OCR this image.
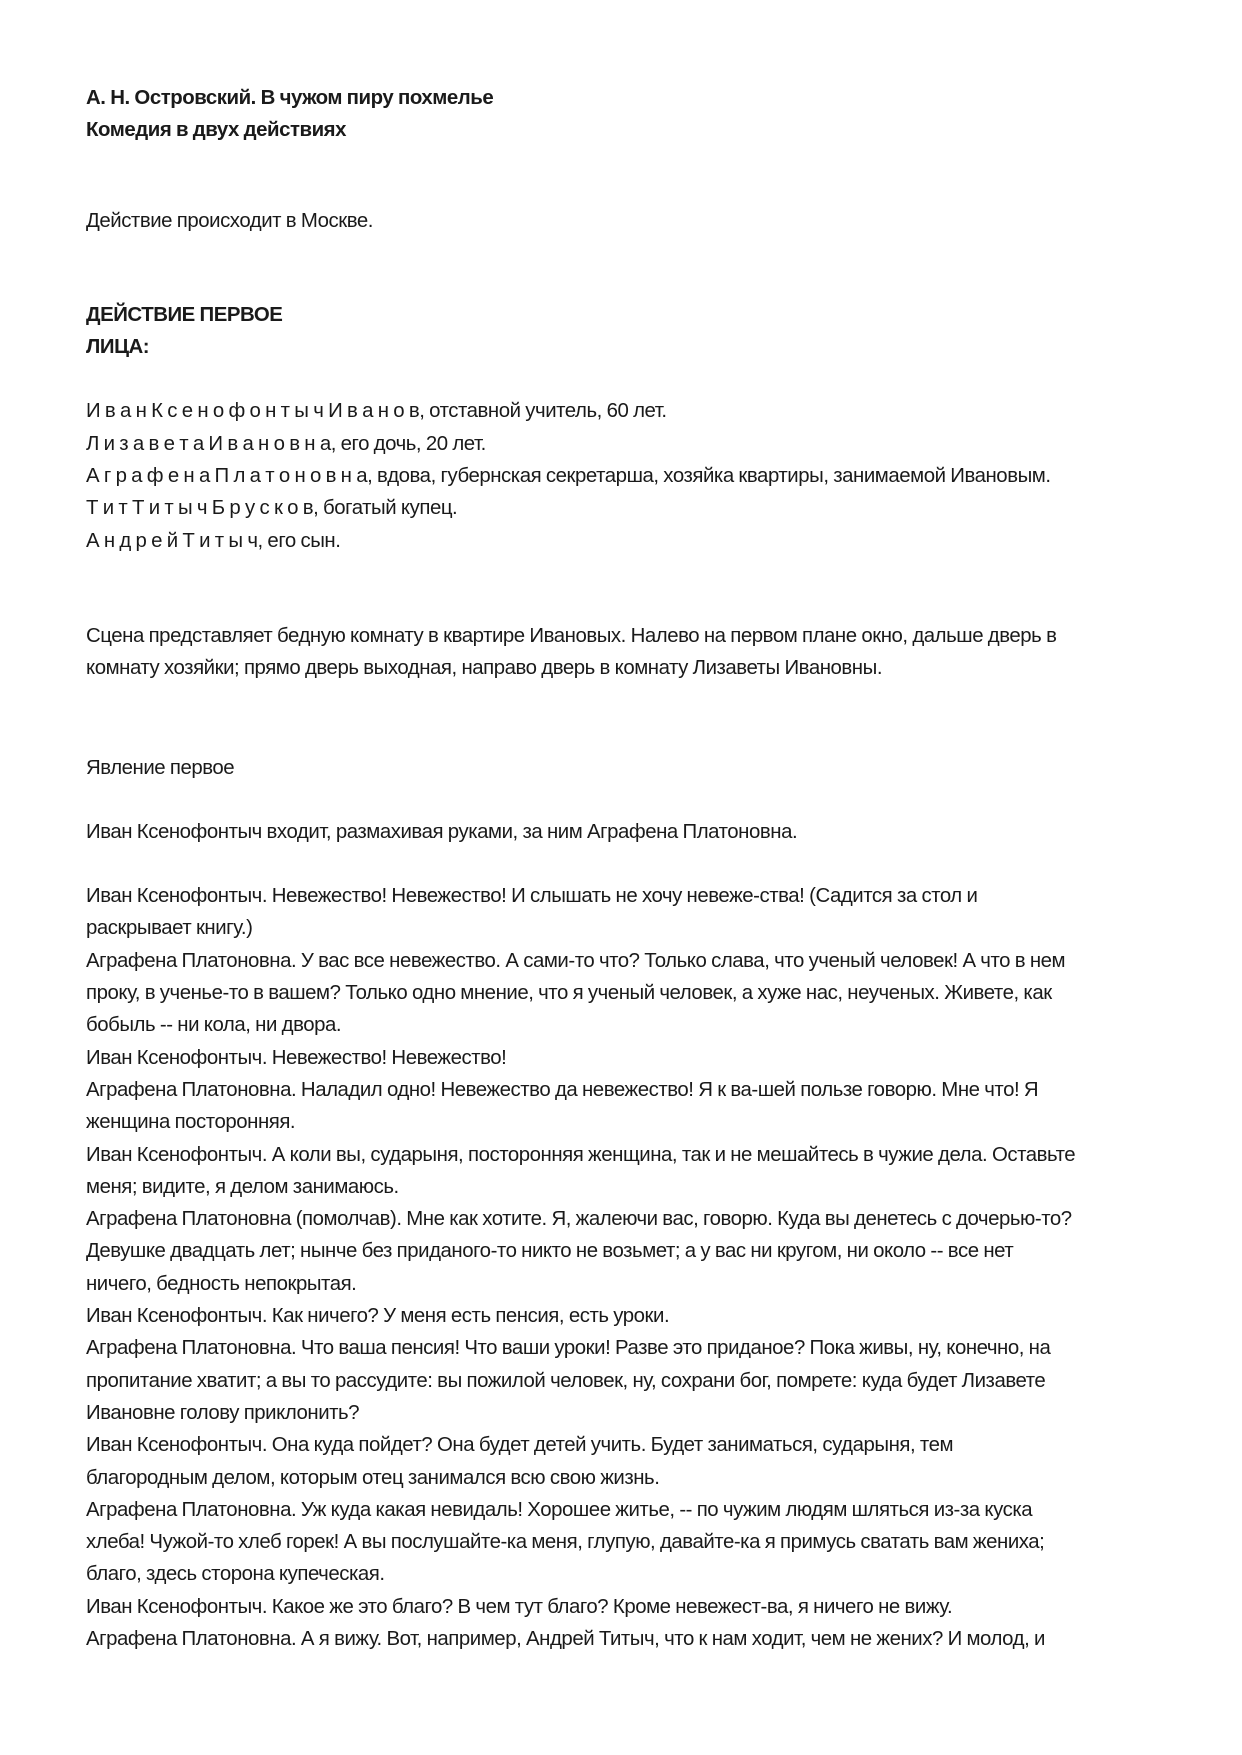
А. Н. Островский. В чужом пиру похмелье

Комедия в двух действиях

Действие происходит в Москве.

ДЕЙСТВИЕ ПЕРВОЕ

ЛИЦА:

И в а н К с е н о ф о н т ы ч И в а н о в, отставной учитель, 60 лет.

Л и з а в е т а И в а н о в н а, его дочь, 20 лет.

А г р а ф е н а П л а т о н о в н а, вдова, губернская секретарша, хозяйка квартиры, занимаемой Ивановым.

Т и т Т и т ы ч Б р у с к о в, богатый купец.

А н д р е й Т и т ы ч, его сын.

Сцена представляет бедную комнату в квартире Ивановых. Налево на первом плане окно, дальше дверь в

комнату хозяйки; прямо дверь выходная, направо дверь в комнату Лизаветы Ивановны.

Явление первое

Иван Ксенофонтыч входит, размахивая руками, за ним Аграфена Платоновна.

Иван Ксенофонтыч. Невежество! Невежество! И слышать не хочу невеже-ства! (Садится за стол и

раскрывает книгу.)

Аграфена Платоновна. У вас все невежество. А сами-то что? Только слава, что ученый человек! А что в нем

проку, в ученье-то в вашем? Только одно мнение, что я ученый человек, а хуже нас, неученых. Живете, как

бобыль -- ни кола, ни двора.

Иван Ксенофонтыч. Невежество! Невежество!

Аграфена Платоновна. Наладил одно! Невежество да невежество! Я к ва-шей пользе говорю. Мне что! Я

женщина посторонняя.

Иван Ксенофонтыч. А коли вы, сударыня, посторонняя женщина, так и не мешайтесь в чужие дела. Оставьте

меня; видите, я делом занимаюсь.

Аграфена Платоновна (помолчав). Мне как хотите. Я, жалеючи вас, говорю. Куда вы денетесь с дочерью-то?

Девушке двадцать лет; нынче без приданого-то никто не возьмет; а у вас ни кругом, ни около -- все нет

ничего, бедность непокрытая.

Иван Ксенофонтыч. Как ничего? У меня есть пенсия, есть уроки.

Аграфена Платоновна. Что ваша пенсия! Что ваши уроки! Разве это приданое? Пока живы, ну, конечно, на

пропитание хватит; а вы то рассудите: вы пожилой человек, ну, сохрани бог, помрете: куда будет Лизавете

Ивановне голову приклонить?

Иван Ксенофонтыч. Она куда пойдет? Она будет детей учить. Будет заниматься, сударыня, тем

благородным делом, которым отец занимался всю свою жизнь.

Аграфена Платоновна. Уж куда какая невидаль! Хорошее житье, -- по чужим людям шляться из-за куска

хлеба! Чужой-то хлеб горек! А вы послушайте-ка меня, глупую, давайте-ка я примусь сватать вам жениха;

благо, здесь сторона купеческая.

Иван Ксенофонтыч. Какое же это благо? В чем тут благо? Кроме невежест-ва, я ничего не вижу.

Аграфена Платоновна. А я вижу. Вот, например, Андрей Титыч, что к нам ходит, чем не жених? И молод, и
